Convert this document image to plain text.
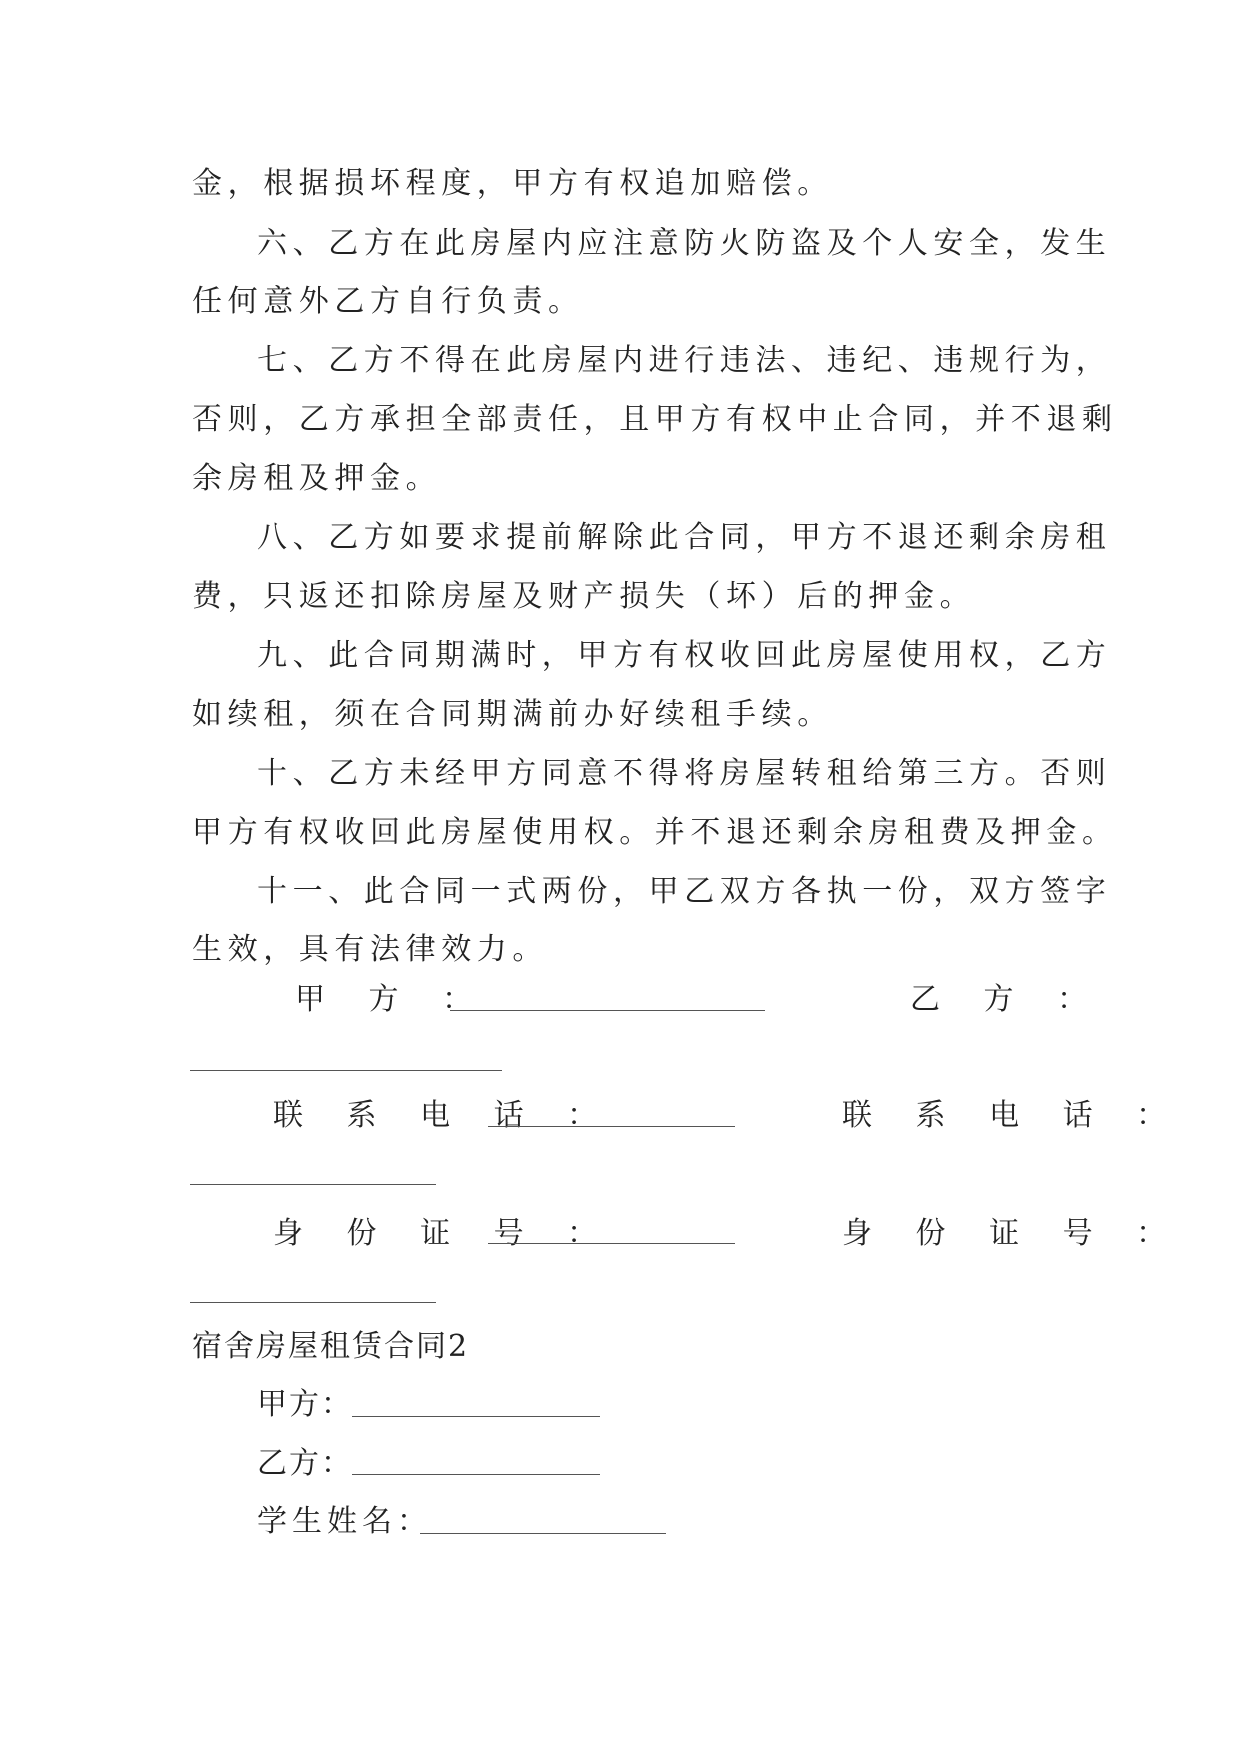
金，根据损坏程度，甲方有权追加赔偿。
六、乙方在此房屋内应注意防火防盗及个人安全，发生
任何意外乙方自行负责。
七、乙方不得在此房屋内进行违法、违纪、违规行为，
否则，乙方承担全部责任，且甲方有权中止合同，并不退剩
余房租及押金。
八、乙方如要求提前解除此合同，甲方不退还剩余房租
费，只返还扣除房屋及财产损失（坏）后的押金。
九、此合同期满时，甲方有权收回此房屋使用权，乙方
如续租，须在合同期满前办好续租手续。
十、乙方未经甲方同意不得将房屋转租给第三方。否则
甲方有权收回此房屋使用权。并不退还剩余房租费及押金。
十一、此合同一式两份，甲乙双方各执一份，双方签字
生效，具有法律效力。
甲 方 ：	乙 方 ：
联 系 电 话 ：	联 系 电 话 ：
身 份 证 号 ：	身 份 证 号 ：
宿舍房屋租赁合同2
甲方：
乙方：
学生姓名：
